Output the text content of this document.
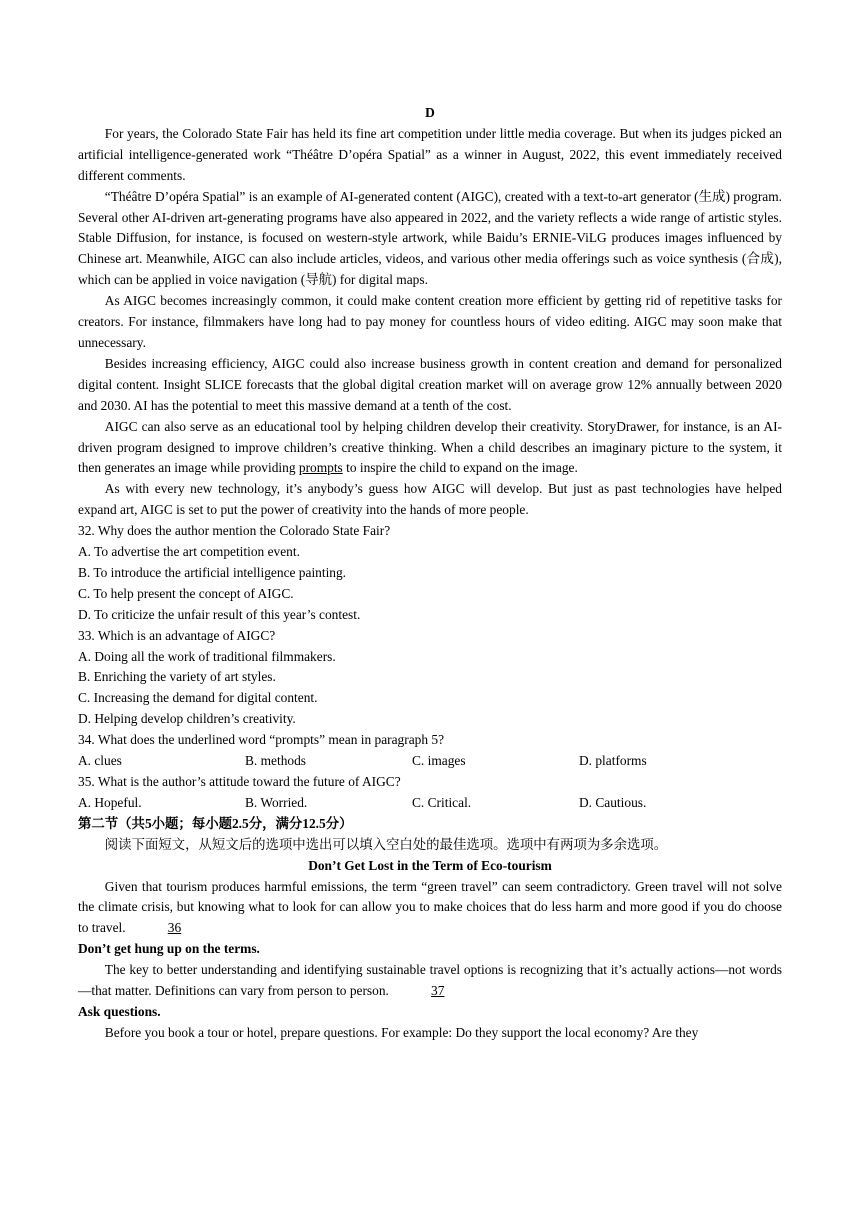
D

For years, the Colorado State Fair has held its fine art competition under little media coverage. But when its judges picked an artificial intelligence-generated work “Théâtre D’opéra Spatial” as a winner in August, 2022, this event immediately received different comments.

“Théâtre D’opéra Spatial” is an example of AI-generated content (AIGC), created with a text-to-art generator (生成) program. Several other AI-driven art-generating programs have also appeared in 2022, and the variety reflects a wide range of artistic styles. Stable Diffusion, for instance, is focused on western-style artwork, while Baidu’s ERNIE-ViLG produces images influenced by Chinese art. Meanwhile, AIGC can also include articles, videos, and various other media offerings such as voice synthesis (合成), which can be applied in voice navigation (导航) for digital maps.

As AIGC becomes increasingly common, it could make content creation more efficient by getting rid of repetitive tasks for creators. For instance, filmmakers have long had to pay money for countless hours of video editing. AIGC may soon make that unnecessary.

Besides increasing efficiency, AIGC could also increase business growth in content creation and demand for personalized digital content. Insight SLICE forecasts that the global digital creation market will on average grow 12% annually between 2020 and 2030. AI has the potential to meet this massive demand at a tenth of the cost.

AIGC can also serve as an educational tool by helping children develop their creativity. StoryDrawer, for instance, is an AI-driven program designed to improve children’s creative thinking. When a child describes an imaginary picture to the system, it then generates an image while providing prompts to inspire the child to expand on the image.

As with every new technology, it’s anybody’s guess how AIGC will develop. But just as past technologies have helped expand art, AIGC is set to put the power of creativity into the hands of more people.

32. Why does the author mention the Colorado State Fair?

A. To advertise the art competition event.

B. To introduce the artificial intelligence painting.

C. To help present the concept of AIGC.

D. To criticize the unfair result of this year’s contest.

33. Which is an advantage of AIGC?

A. Doing all the work of traditional filmmakers.

B. Enriching the variety of art styles.

C. Increasing the demand for digital content.

D. Helping develop children’s creativity.

34. What does the underlined word “prompts” mean in paragraph 5?

A. clues	B. methods	C. images	D. platforms

35. What is the author’s attitude toward the future of AIGC?

A. Hopeful.	B. Worried.	C. Critical.	D. Cautious.

第二节（共5小题；每小题2.5分，满分12.5分）

阅读下面短文，从短文后的选项中选出可以填入空白处的最佳选项。选项中有两项为多余选项。

Don’t Get Lost in the Term of Eco-tourism

Given that tourism produces harmful emissions, the term “green travel” can seem contradictory. Green travel will not solve the climate crisis, but knowing what to look for can allow you to make choices that do less harm and more good if you do choose to travel.	36

Don’t get hung up on the terms.

The key to better understanding and identifying sustainable travel options is recognizing that it’s actually actions—not words—that matter. Definitions can vary from person to person.	37

Ask questions.

Before you book a tour or hotel, prepare questions. For example: Do they support the local economy? Are they
